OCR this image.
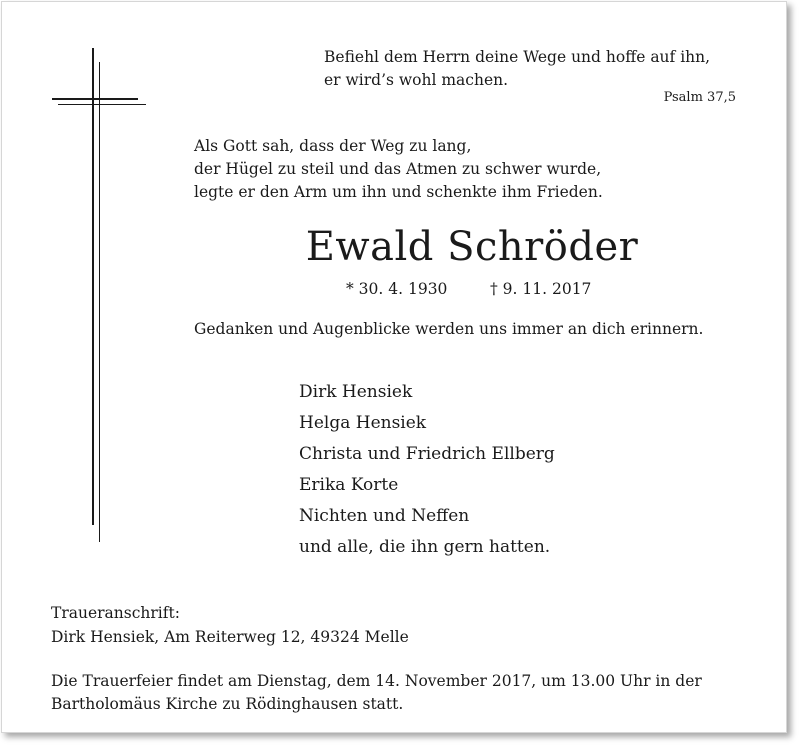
Befiehl dem Herrn deine Wege und hoffe auf ihn,
er wird’s wohl machen.
Psalm 37,5
Als Gott sah, dass der Weg zu lang,
der Hügel zu steil und das Atmen zu schwer wurde,
legte er den Arm um ihn und schenkte ihm Frieden.
Ewald Schröder
* 30. 4. 1930	† 9. 11. 2017
Gedanken und Augenblicke werden uns immer an dich erinnern.
Dirk Hensiek
Helga Hensiek
Christa und Friedrich Ellberg
Erika Korte
Nichten und Neffen
und alle, die ihn gern hatten.
Traueranschrift:
Dirk Hensiek, Am Reiterweg 12, 49324 Melle
Die Trauerfeier findet am Dienstag, dem 14. November 2017, um 13.00 Uhr in der
Bartholomäus Kirche zu Rödinghausen statt.
